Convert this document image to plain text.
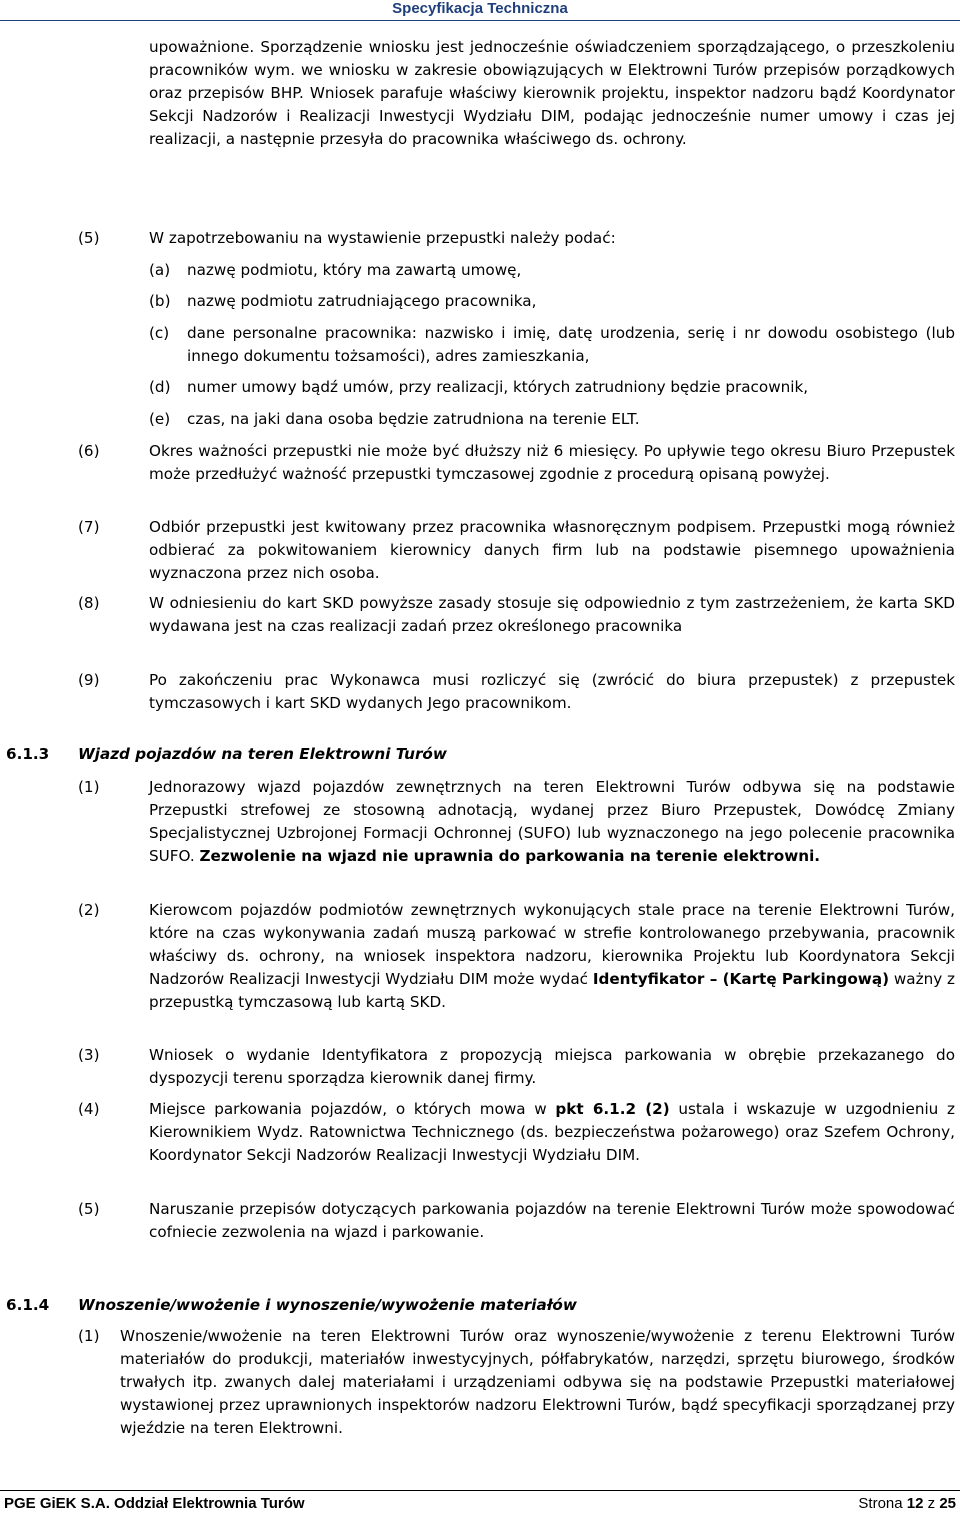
Specyfikacja Techniczna
upoważnione. Sporządzenie wniosku jest jednocześnie oświadczeniem sporządzającego, o przeszkoleniu pracowników wym. we wniosku w zakresie obowiązujących w Elektrowni Turów przepisów porządkowych oraz przepisów BHP. Wniosek parafuje właściwy kierownik projektu, inspektor nadzoru bądź Koordynator Sekcji Nadzorów i Realizacji Inwestycji Wydziału DIM, podając jednocześnie numer umowy i czas jej realizacji, a następnie przesyła do pracownika właściwego ds. ochrony.
(5)	W zapotrzebowaniu na wystawienie przepustki należy podać:
(a) nazwę podmiotu, który ma zawartą umowę,
(b) nazwę podmiotu zatrudniającego pracownika,
(c) dane personalne pracownika: nazwisko i imię, datę urodzenia, serię i nr dowodu osobistego (lub innego dokumentu tożsamości), adres zamieszkania,
(d) numer umowy bądź umów, przy realizacji, których zatrudniony będzie pracownik,
(e) czas, na jaki dana osoba będzie zatrudniona na terenie ELT.
(6)	Okres ważności przepustki nie może być dłuższy niż 6 miesięcy. Po upływie tego okresu Biuro Przepustek może przedłużyć ważność przepustki tymczasowej zgodnie z procedurą opisaną powyżej.
(7)	Odbiór przepustki jest kwitowany przez pracownika własnoręcznym podpisem. Przepustki mogą również odbierać za pokwitowaniem kierownicy danych firm lub na podstawie pisemnego upoważnienia wyznaczona przez nich osoba.
(8)	W odniesieniu do kart SKD powyższe zasady stosuje się odpowiednio z tym zastrzeżeniem, że karta SKD wydawana jest na czas realizacji zadań przez określonego pracownika
(9)	Po zakończeniu prac Wykonawca musi rozliczyć się (zwrócić do biura przepustek) z przepustek tymczasowych i kart SKD wydanych Jego pracownikom.
6.1.3 Wjazd pojazdów na teren Elektrowni Turów
(1)	Jednorazowy wjazd pojazdów zewnętrznych na teren Elektrowni Turów odbywa się na podstawie Przepustki strefowej ze stosowną adnotacją, wydanej przez Biuro Przepustek, Dowódcę Zmiany Specjalistycznej Uzbrojonej Formacji Ochronnej (SUFO) lub wyznaczonego na jego polecenie pracownika SUFO. Zezwolenie na wjazd nie uprawnia do parkowania na terenie elektrowni.
(2)	Kierowcom pojazdów podmiotów zewnętrznych wykonujących stale prace na terenie Elektrowni Turów, które na czas wykonywania zadań muszą parkować w strefie kontrolowanego przebywania, pracownik właściwy ds. ochrony, na wniosek inspektora nadzoru, kierownika Projektu lub Koordynatora Sekcji Nadzorów Realizacji Inwestycji Wydziału DIM może wydać Identyfikator – (Kartę Parkingową) ważny z przepustką tymczasową lub kartą SKD.
(3)	Wniosek o wydanie Identyfikatora z propozycją miejsca parkowania w obrębie przekazanego do dyspozycji terenu sporządza kierownik danej firmy.
(4)	Miejsce parkowania pojazdów, o których mowa w pkt 6.1.2 (2) ustala i wskazuje w uzgodnieniu z Kierownikiem Wydz. Ratownictwa Technicznego (ds. bezpieczeństwa pożarowego) oraz Szefem Ochrony, Koordynator Sekcji Nadzorów Realizacji Inwestycji Wydziału DIM.
(5)	Naruszanie przepisów dotyczących parkowania pojazdów na terenie Elektrowni Turów może spowodować cofniecie zezwolenia na wjazd i parkowanie.
6.1.4 Wnoszenie/wwożenie i wynoszenie/wywożenie materiałów
(1) Wnoszenie/wwożenie na teren Elektrowni Turów oraz wynoszenie/wywożenie z terenu Elektrowni Turów materiałów do produkcji, materiałów inwestycyjnych, półfabrykatów, narzędzi, sprzętu biurowego, środków trwałych itp. zwanych dalej materiałami i urządzeniami odbywa się na podstawie Przepustki materiałowej wystawionej przez uprawnionych inspektorów nadzoru Elektrowni Turów, bądź specyfikacji sporządzanej przy wjeździe na teren Elektrowni.
PGE GiEK S.A. Oddział Elektrownia Turów	Strona 12 z 25
